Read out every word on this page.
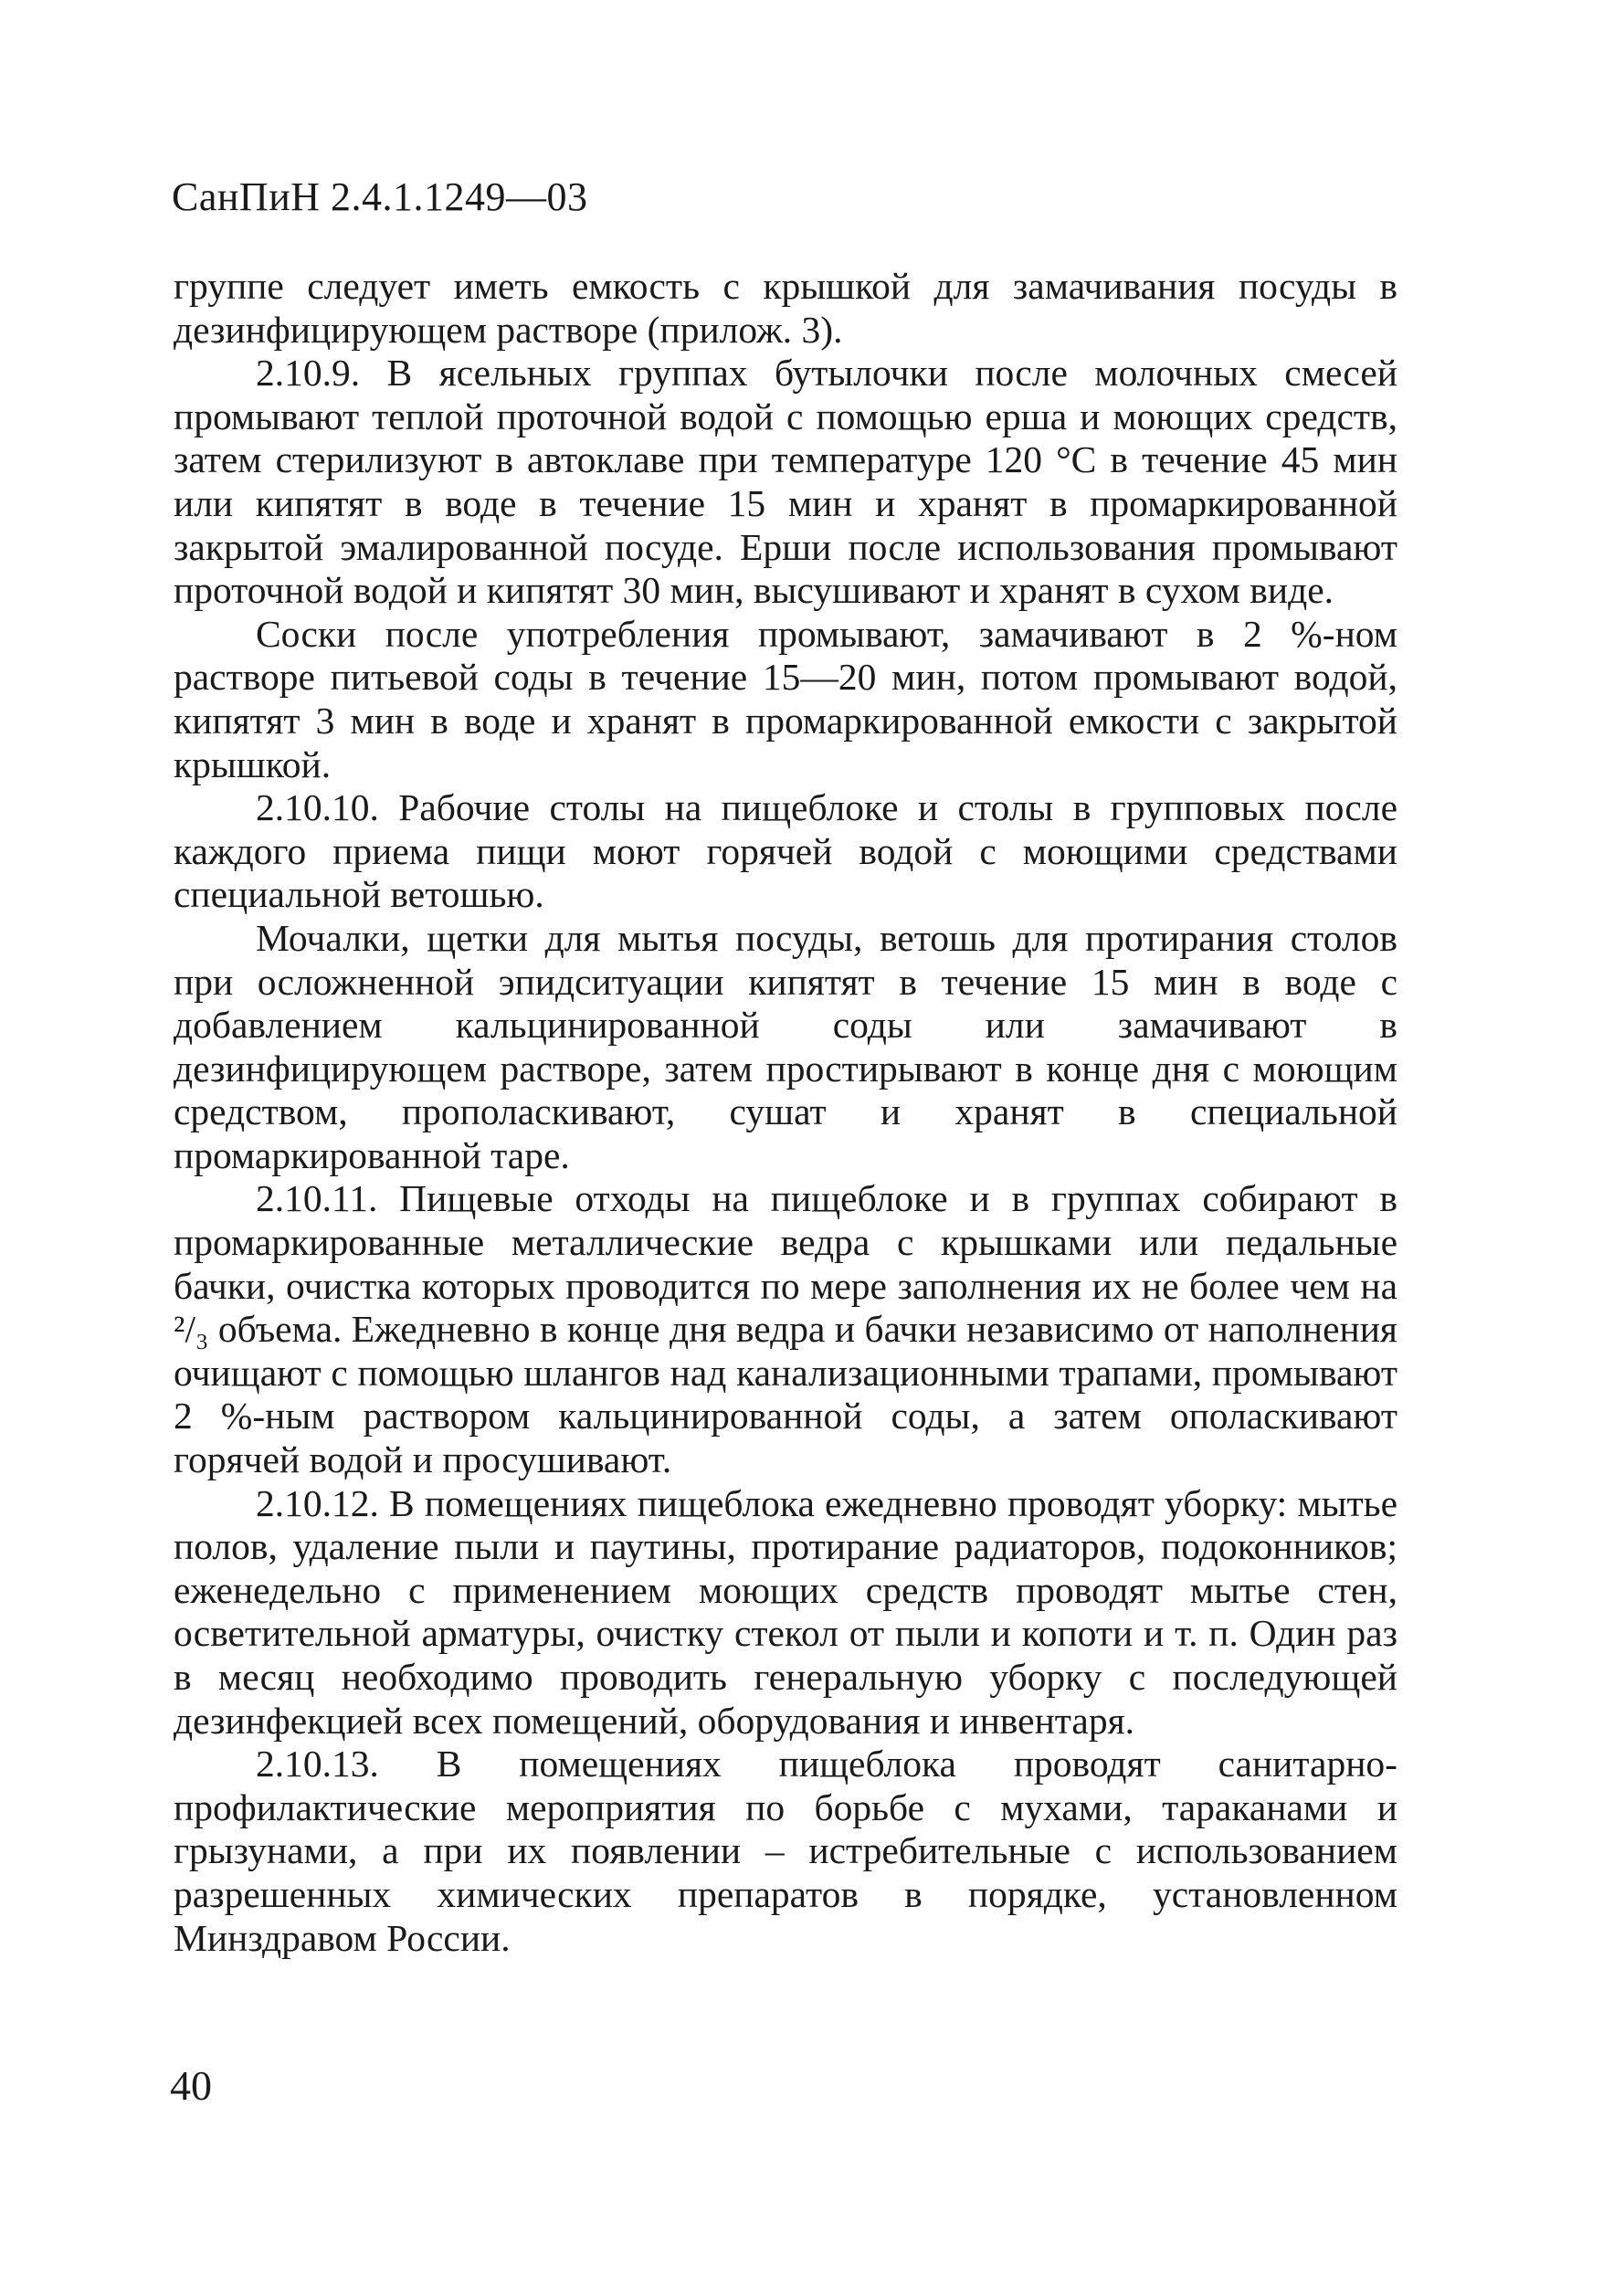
СанПиН 2.4.1.1249—03

группе следует иметь емкость с крышкой для замачивания посуды в дезинфицирующем растворе (прилож. 3).

2.10.9. В ясельных группах бутылочки после молочных смесей промывают теплой проточной водой с помощью ерша и моющих средств, затем стерилизуют в автоклаве при температуре 120 °С в течение 45 мин или кипятят в воде в течение 15 мин и хранят в промаркированной закрытой эмалированной посуде. Ерши после использования промывают проточной водой и кипятят 30 мин, высушивают и хранят в сухом виде.

Соски после употребления промывают, замачивают в 2 %-ном растворе питьевой соды в течение 15—20 мин, потом промывают водой, кипятят 3 мин в воде и хранят в промаркированной емкости с закрытой крышкой.

2.10.10. Рабочие столы на пищеблоке и столы в групповых после каждого приема пищи моют горячей водой с моющими средствами специальной ветошью.

Мочалки, щетки для мытья посуды, ветошь для протирания столов при осложненной эпидситуации кипятят в течение 15 мин в воде с добавлением кальцинированной соды или замачивают в дезинфицирующем растворе, затем простирывают в конце дня с моющим средством, прополаскивают, сушат и хранят в специальной промаркированной таре.

2.10.11. Пищевые отходы на пищеблоке и в группах собирают в промаркированные металлические ведра с крышками или педальные бачки, очистка которых проводится по мере заполнения их не более чем на ²/₃ объема. Ежедневно в конце дня ведра и бачки независимо от наполнения очищают с помощью шлангов над канализационными трапами, промывают 2 %-ным раствором кальцинированной соды, а затем ополаскивают горячей водой и просушивают.

2.10.12. В помещениях пищеблока ежедневно проводят уборку: мытье полов, удаление пыли и паутины, протирание радиаторов, подоконников; еженедельно с применением моющих средств проводят мытье стен, осветительной арматуры, очистку стекол от пыли и копоти и т. п. Один раз в месяц необходимо проводить генеральную уборку с последующей дезинфекцией всех помещений, оборудования и инвентаря.

2.10.13. В помещениях пищеблока проводят санитарно-профилактические мероприятия по борьбе с мухами, тараканами и грызунами, а при их появлении – истребительные с использованием разрешенных химических препаратов в порядке, установленном Минздравом России.

40
